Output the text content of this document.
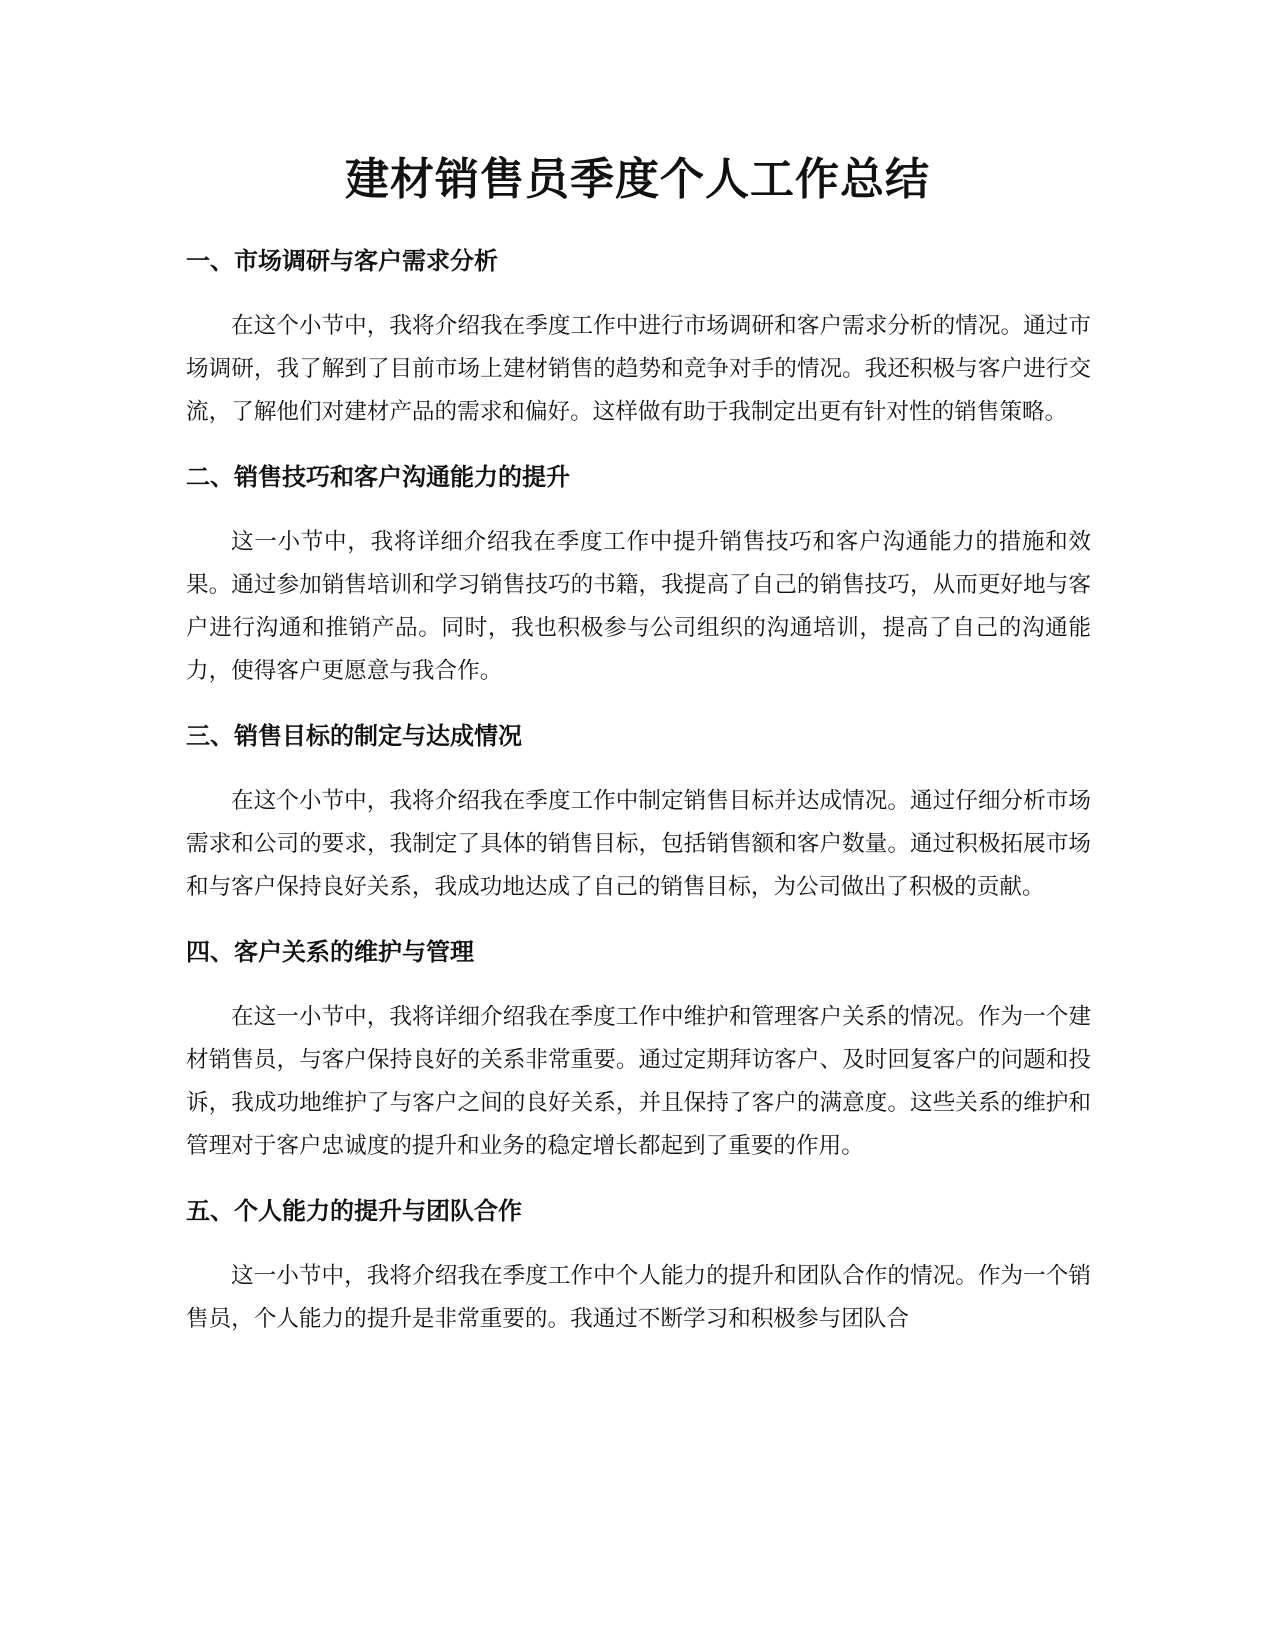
建材销售员季度个人工作总结
一、市场调研与客户需求分析

在这个小节中，我将介绍我在季度工作中进行市场调研和客户需求分析的情况。通过市场调研，我了解到了目前市场上建材销售的趋势和竞争对手的情况。我还积极与客户进行交流，了解他们对建材产品的需求和偏好。这样做有助于我制定出更有针对性的销售策略。

二、销售技巧和客户沟通能力的提升

这一小节中，我将详细介绍我在季度工作中提升销售技巧和客户沟通能力的措施和效果。通过参加销售培训和学习销售技巧的书籍，我提高了自己的销售技巧，从而更好地与客户进行沟通和推销产品。同时，我也积极参与公司组织的沟通培训，提高了自己的沟通能力，使得客户更愿意与我合作。

三、销售目标的制定与达成情况

在这个小节中，我将介绍我在季度工作中制定销售目标并达成情况。通过仔细分析市场需求和公司的要求，我制定了具体的销售目标，包括销售额和客户数量。通过积极拓展市场和与客户保持良好关系，我成功地达成了自己的销售目标，为公司做出了积极的贡献。

四、客户关系的维护与管理

在这一小节中，我将详细介绍我在季度工作中维护和管理客户关系的情况。作为一个建材销售员，与客户保持良好的关系非常重要。通过定期拜访客户、及时回复客户的问题和投诉，我成功地维护了与客户之间的良好关系，并且保持了客户的满意度。这些关系的维护和管理对于客户忠诚度的提升和业务的稳定增长都起到了重要的作用。

五、个人能力的提升与团队合作

这一小节中，我将介绍我在季度工作中个人能力的提升和团队合作的情况。作为一个销售员，个人能力的提升是非常重要的。我通过不断学习和积极参与团队合
